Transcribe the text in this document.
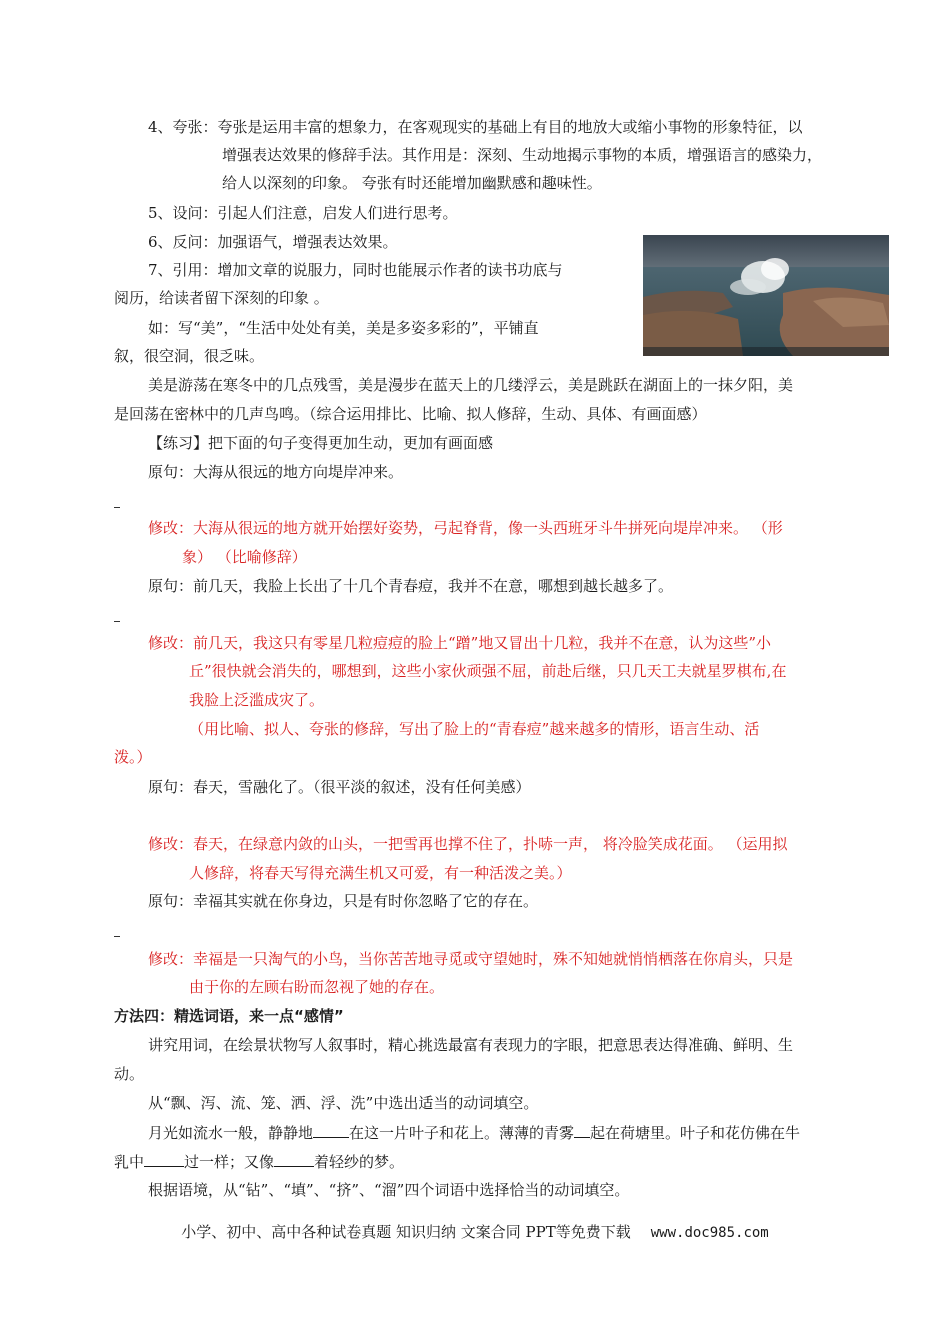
4、夸张：夸张是运用丰富的想象力，在客观现实的基础上有目的地放大或缩小事物的形象特征，以
增强表达效果的修辞手法。其作用是：深刻、生动地揭示事物的本质，增强语言的感染力，
给人以深刻的印象。 夸张有时还能增加幽默感和趣味性。
5、设问：引起人们注意，启发人们进行思考。
6、反问：加强语气，增强表达效果。
7、引用：增加文章的说服力，同时也能展示作者的读书功底与
阅历，给读者留下深刻的印象 。
如：写“美”，“生活中处处有美，美是多姿多彩的”，平铺直
叙，很空洞，很乏味。
美是游荡在寒冬中的几点残雪，美是漫步在蓝天上的几缕浮云，美是跳跃在湖面上的一抹夕阳，美
是回荡在密林中的几声鸟鸣。（综合运用排比、比喻、拟人修辞，生动、具体、有画面感）
【练习】把下面的句子变得更加生动，更加有画面感
原句：大海从很远的地方向堤岸冲来。
修改：大海从很远的地方就开始摆好姿势，弓起脊背，像一头西班牙斗牛拼死向堤岸冲来。 （形
象） （比喻修辞）
原句：前几天，我脸上长出了十几个青春痘，我并不在意，哪想到越长越多了。
修改：前几天，我这只有零星几粒痘痘的脸上“蹭”地又冒出十几粒，我并不在意，认为这些”小
丘”很快就会消失的，哪想到，这些小家伙顽强不屈，前赴后继，只几天工夫就星罗棋布,在
我脸上泛滥成灾了。
（用比喻、拟人、夸张的修辞，写出了脸上的“青春痘”越来越多的情形，语言生动、活
泼。）
原句：春天，雪融化了。（很平淡的叙述，没有任何美感）
修改：春天，在绿意内敛的山头，一把雪再也撑不住了，扑哧一声， 将冷脸笑成花面。 （运用拟
人修辞，将春天写得充满生机又可爱，有一种活泼之美。）
原句：幸福其实就在你身边，只是有时你忽略了它的存在。
修改：幸福是一只淘气的小鸟，当你苦苦地寻觅或守望她时，殊不知她就悄悄栖落在你肩头，只是
由于你的左顾右盼而忽视了她的存在。
方法四：精选词语，来一点“感情”
讲究用词，在绘景状物写人叙事时，精心挑选最富有表现力的字眼，把意思表达得准确、鲜明、生
动。
从“飘、泻、流、笼、洒、浮、洗”中选出适当的动词填空。
月光如流水一般，静静地 在这一片叶子和花上。薄薄的青雾 起在荷塘里。叶子和花仿佛在牛
乳中	过一样；又像	着轻纱的梦。
根据语境，从“钻”、“填”、“挤”、“溜”四个词语中选择恰当的动词填空。
小学、初中、高中各种试卷真题 知识归纳 文案合同 PPT等免费下载 www.doc985.com
